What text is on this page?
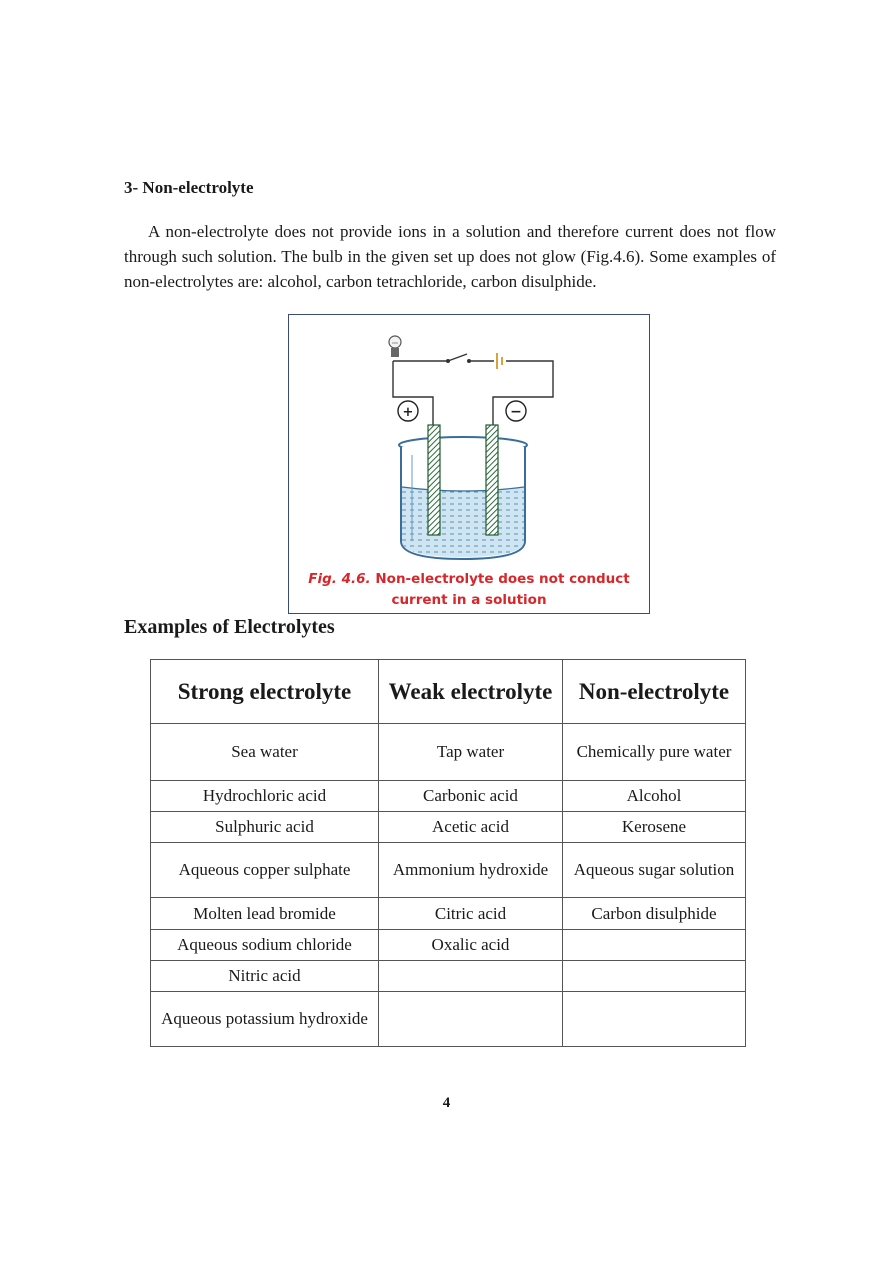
3- Non-electrolyte

A non-electrolyte does not provide ions in a solution and therefore current does not flow through such solution. The bulb in the given set up does not glow (Fig.4.6). Some examples of non-electrolytes are: alcohol, carbon tetrachloride, carbon disulphide.

+	−
Fig. 4.6. Non-electrolyte does not conduct
current in a solution
Examples of Electrolytes
Strong electrolyte	Weak electrolyte	Non-electrolyte
Sea water	Tap water	Chemically pure water
Hydrochloric acid	Carbonic acid	Alcohol
Sulphuric acid	Acetic acid	Kerosene
Aqueous copper sulphate	Ammonium hydroxide	Aqueous sugar solution
Molten lead bromide	Citric acid	Carbon disulphide
Aqueous sodium chloride	Oxalic acid	
Nitric acid		
Aqueous potassium hydroxide		
4
